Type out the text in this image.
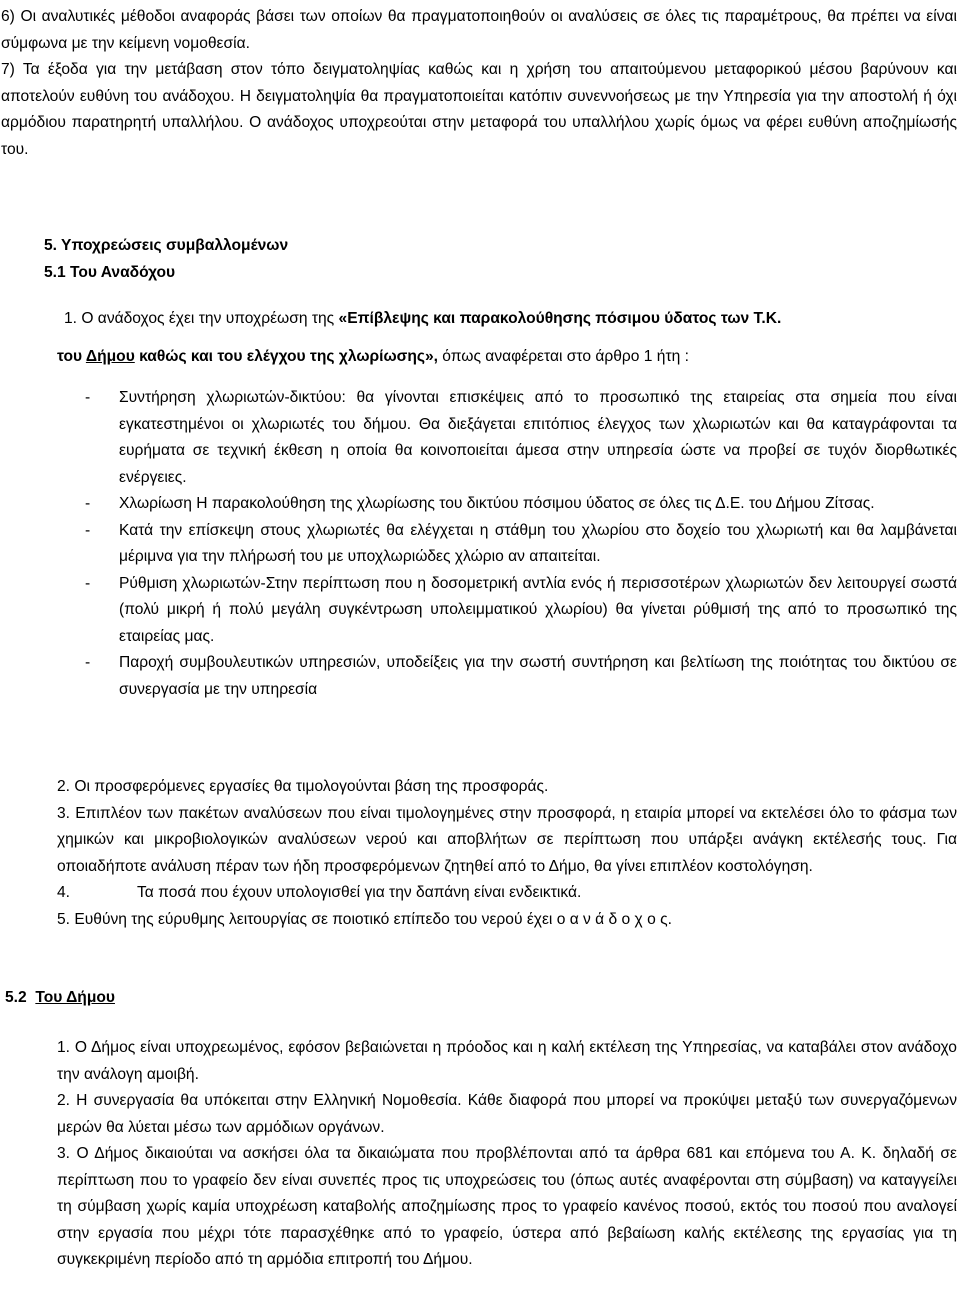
6) Οι αναλυτικές μέθοδοι αναφοράς βάσει των οποίων θα πραγματοποιηθούν οι αναλύσεις σε όλες τις παραμέτρους, θα πρέπει να είναι σύμφωνα με την κείμενη νομοθεσία.

7) Τα έξοδα για την μετάβαση στον τόπο δειγματοληψίας καθώς και η χρήση του απαιτούμενου μεταφορικού μέσου βαρύνουν και αποτελούν ευθύνη του ανάδοχου. Η δειγματοληψία θα πραγματοποιείται κατόπιν συνεννοήσεως με την Υπηρεσία για την αποστολή ή όχι αρμόδιου παρατηρητή υπαλλήλου. Ο ανάδοχος υποχρεούται στην μεταφορά του υπαλλήλου χωρίς όμως να φέρει ευθύνη αποζημίωσής του.

5. Υποχρεώσεις συμβαλλομένων

5.1 Του Αναδόχου

1. Ο ανάδοχος έχει την υποχρέωση της «Επίβλεψης και παρακολούθησης πόσιμου ύδατος των Τ.Κ.

του Δήμου καθώς και του ελέγχου της χλωρίωσης», όπως αναφέρεται στο άρθρο 1 ήτη :

- Συντήρηση χλωριωτών-δικτύου: θα γίνονται επισκέψεις από το προσωπικό της εταιρείας στα σημεία που είναι εγκατεστημένοι οι χλωριωτές του δήμου. Θα διεξάγεται επιτόπιος έλεγχος των χλωριωτών και θα καταγράφονται τα ευρήματα σε τεχνική έκθεση η οποία θα κοινοποιείται άμεσα στην υπηρεσία ώστε να προβεί σε τυχόν διορθωτικές ενέργειες.

- Χλωρίωση Η παρακολούθηση της χλωρίωσης του δικτύου πόσιμου ύδατος σε όλες τις Δ.Ε. του Δήμου Ζίτσας.

- Κατά την επίσκεψη στους χλωριωτές θα ελέγχεται η στάθμη του χλωρίου στο δοχείο του χλωριωτή και θα λαμβάνεται μέριμνα για την πλήρωσή του με υποχλωριώδες χλώριο αν απαιτείται.

- Ρύθμιση χλωριωτών-Στην περίπτωση που η δοσομετρική αντλία ενός ή περισσοτέρων χλωριωτών δεν λειτουργεί σωστά (πολύ μικρή ή πολύ μεγάλη συγκέντρωση υπολειμματικού χλωρίου) θα γίνεται ρύθμισή της από το προσωπικό της εταιρείας μας.

- Παροχή συμβουλευτικών υπηρεσιών, υποδείξεις για την σωστή συντήρηση και βελτίωση της ποιότητας του δικτύου σε συνεργασία με την υπηρεσία

2. Οι προσφερόμενες εργασίες θα τιμολογούνται βάση της προσφοράς.

3. Επιπλέον των πακέτων αναλύσεων που είναι τιμολογημένες στην προσφορά, η εταιρία μπορεί να εκτελέσει όλο το φάσμα των χημικών και μικροβιολογικών αναλύσεων νερού και αποβλήτων σε περίπτωση που υπάρξει ανάγκη εκτέλεσής τους. Για οποιαδήποτε ανάλυση πέραν των ήδη προσφερόμενων ζητηθεί από το Δήμο, θα γίνει επιπλέον κοστολόγηση.

4.	Τα ποσά που έχουν υπολογισθεί για την δαπάνη είναι ενδεικτικά.

5. Ευθύνη της εύρυθμης λειτουργίας σε ποιοτικό επίπεδο του νερού έχει ο α ν ά δ ο χ ο ς.

5.2 Του Δήμου

1. Ο Δήμος είναι υποχρεωμένος, εφόσον βεβαιώνεται η πρόοδος και η καλή εκτέλεση της Υπηρεσίας, να καταβάλει στον ανάδοχο την ανάλογη αμοιβή.

2. Η συνεργασία θα υπόκειται στην Ελληνική Νομοθεσία. Κάθε διαφορά που μπορεί να προκύψει μεταξύ των συνεργαζόμενων μερών θα λύεται μέσω των αρμόδιων οργάνων.

3. Ο Δήμος δικαιούται να ασκήσει όλα τα δικαιώματα που προβλέπονται από τα άρθρα 681 και επόμενα του Α. Κ. δηλαδή σε περίπτωση που το γραφείο δεν είναι συνεπές προς τις υποχρεώσεις του (όπως αυτές αναφέρονται στη σύμβαση) να καταγγείλει τη σύμβαση χωρίς καμία υποχρέωση καταβολής αποζημίωσης προς το γραφείο κανένος ποσού, εκτός του ποσού που αναλογεί στην εργασία που μέχρι τότε παρασχέθηκε από το γραφείο, ύστερα από βεβαίωση καλής εκτέλεσης της εργασίας για τη συγκεκριμένη περίοδο από τη αρμόδια επιτροπή του Δήμου.
